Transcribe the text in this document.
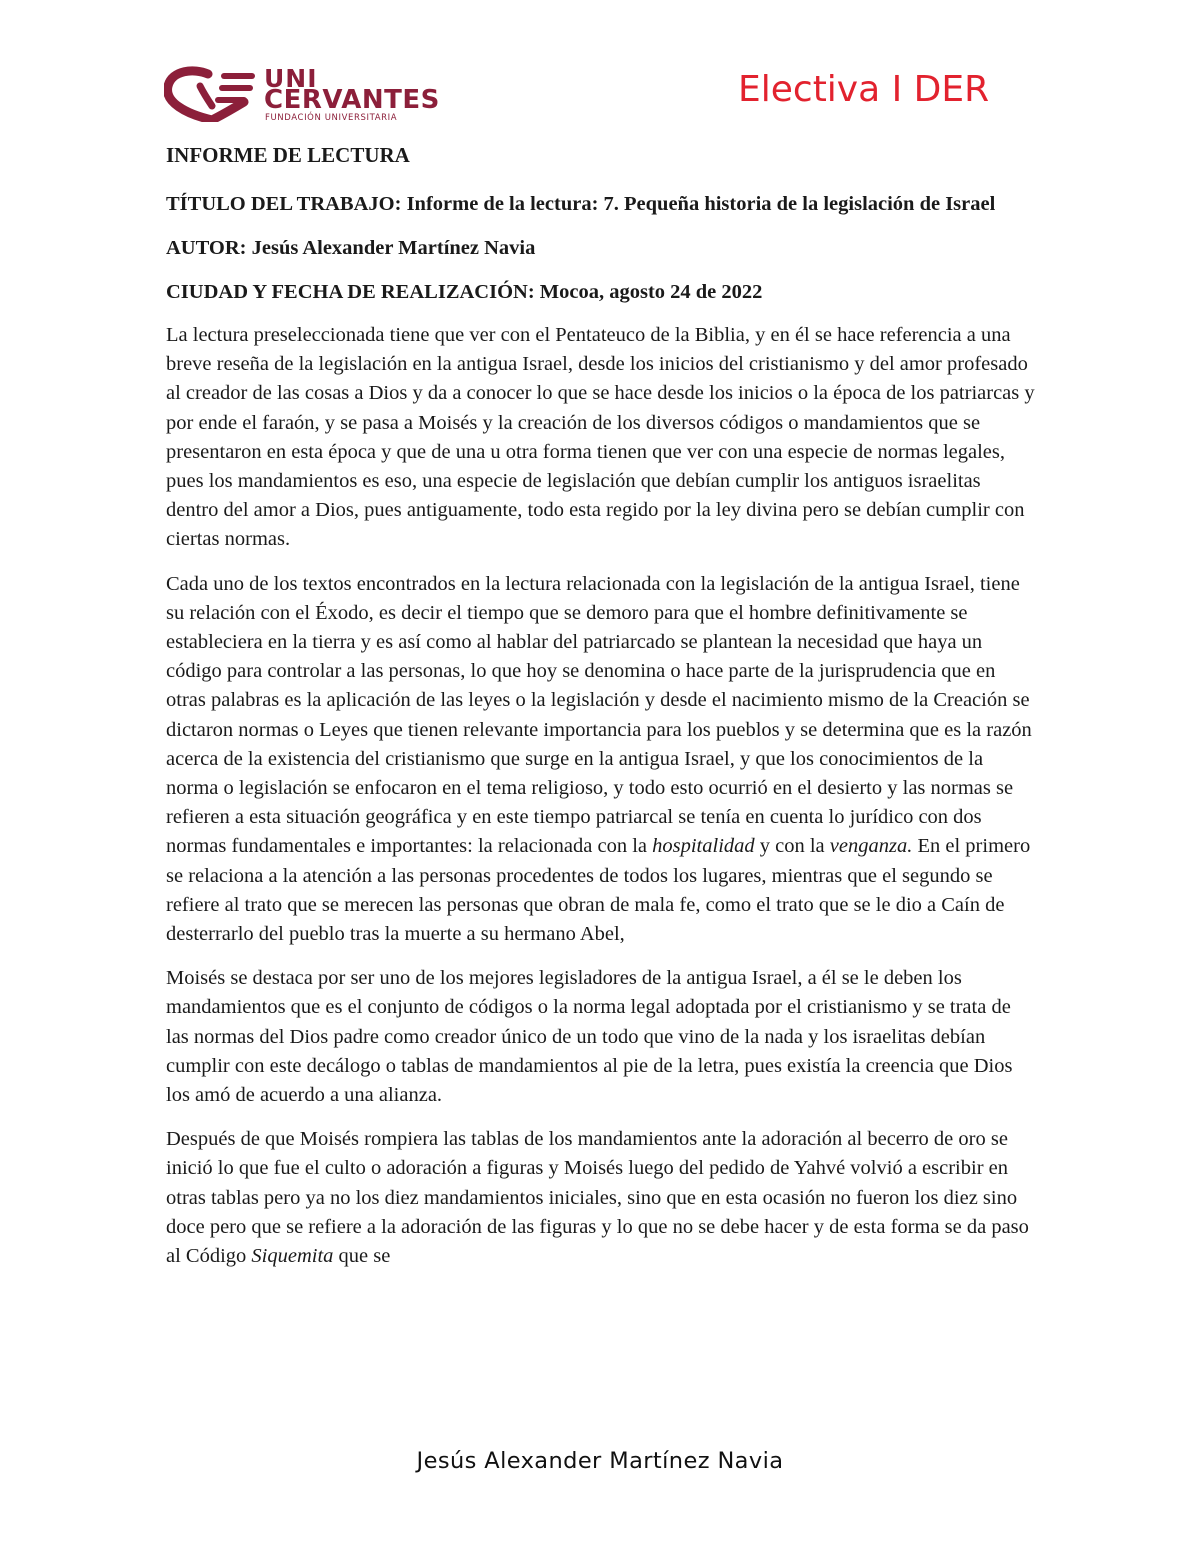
UNI
CERVANTES
FUNDACIÓN UNIVERSITARIA
Electiva I DER

INFORME DE LECTURA

TÍTULO DEL TRABAJO: Informe de la lectura: 7. Pequeña historia de la legislación de Israel

AUTOR: Jesús Alexander Martínez Navia

CIUDAD Y FECHA DE REALIZACIÓN: Mocoa, agosto 24 de 2022

La lectura preseleccionada tiene que ver con el Pentateuco de la Biblia, y en él se hace referencia a una breve reseña de la legislación en la antigua Israel, desde los inicios del cristianismo y del amor profesado al creador de las cosas a Dios y da a conocer lo que se hace desde los inicios o la época de los patriarcas y por ende el faraón, y se pasa a Moisés y la creación de los diversos códigos o mandamientos que se presentaron en esta época y que de una u otra forma tienen que ver con una especie de normas legales, pues los mandamientos es eso, una especie de legislación que debían cumplir los antiguos israelitas dentro del amor a Dios, pues antiguamente, todo esta regido por la ley divina pero se debían cumplir con ciertas normas.

Cada uno de los textos encontrados en la lectura relacionada con la legislación de la antigua Israel, tiene su relación con el Éxodo, es decir el tiempo que se demoro para que el hombre definitivamente se estableciera en la tierra y es así como al hablar del patriarcado se plantean la necesidad que haya un código para controlar a las personas, lo que hoy se denomina o hace parte de la jurisprudencia que en otras palabras es la aplicación de las leyes o la legislación y desde el nacimiento mismo de la Creación se dictaron normas o Leyes que tienen relevante importancia para los pueblos y se determina que es la razón acerca de la existencia del cristianismo que surge en la antigua Israel, y que los conocimientos de la norma o legislación se enfocaron en el tema religioso, y todo esto ocurrió en el desierto y las normas se refieren a esta situación geográfica y en este tiempo patriarcal se tenía en cuenta lo jurídico con dos normas fundamentales e importantes: la relacionada con la hospitalidad y con la venganza. En el primero se relaciona a la atención a las personas procedentes de todos los lugares, mientras que el segundo se refiere al trato que se merecen las personas que obran de mala fe, como el trato que se le dio a Caín de desterrarlo del pueblo tras la muerte a su hermano Abel,

Moisés se destaca por ser uno de los mejores legisladores de la antigua Israel, a él se le deben los mandamientos que es el conjunto de códigos o la norma legal adoptada por el cristianismo y se trata de las normas del Dios padre como creador único de un todo que vino de la nada y los israelitas debían cumplir con este decálogo o tablas de mandamientos al pie de la letra, pues existía la creencia que Dios los amó de acuerdo a una alianza.

Después de que Moisés rompiera las tablas de los mandamientos ante la adoración al becerro de oro se inició lo que fue el culto o adoración a figuras y Moisés luego del pedido de Yahvé volvió a escribir en otras tablas pero ya no los diez mandamientos iniciales, sino que en esta ocasión no fueron los diez sino doce pero que se refiere a la adoración de las figuras y lo que no se debe hacer y de esta forma se da paso al Código Siquemita que se

Jesús Alexander Martínez Navia
